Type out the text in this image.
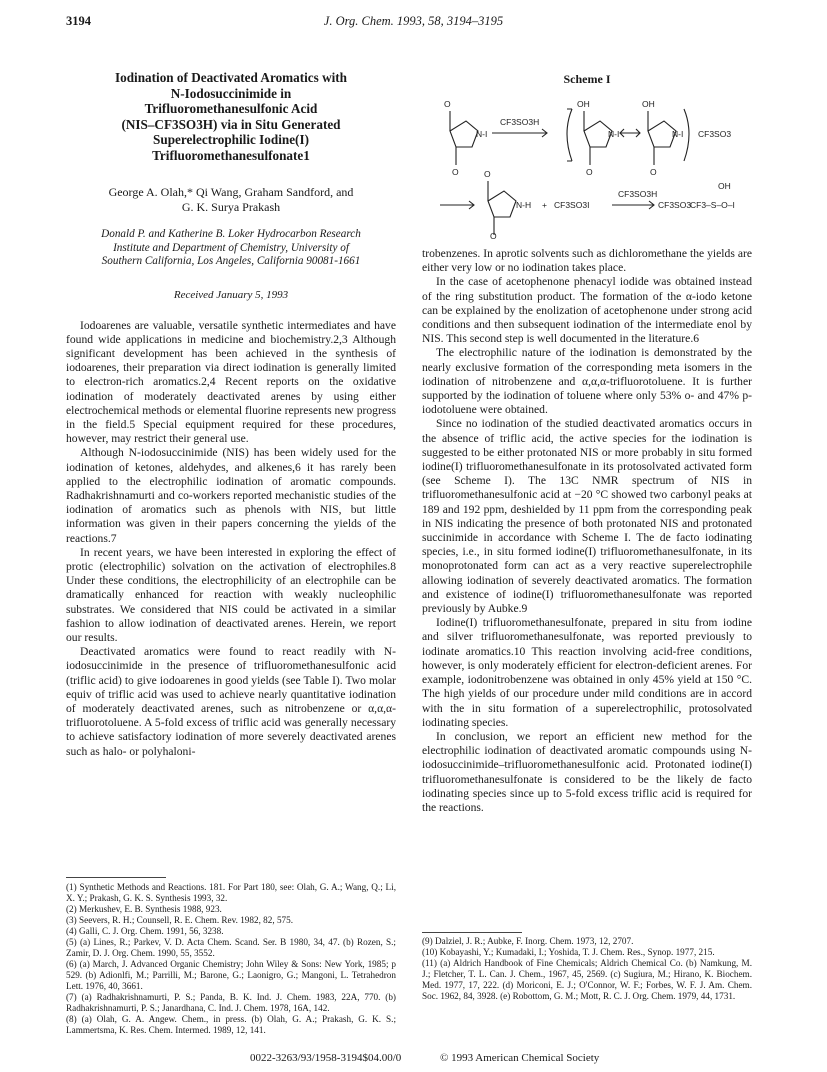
3194	J. Org. Chem. 1993, 58, 3194–3195
Iodination of Deactivated Aromatics with
N-Iodosuccinimide in
Trifluoromethanesulfonic Acid
(NIS–CF3SO3H) via in Situ Generated
Superelectrophilic Iodine(I)
Trifluoromethanesulfonate1
George A. Olah,* Qi Wang, Graham Sandford, and
G. K. Surya Prakash
Donald P. and Katherine B. Loker Hydrocarbon Research
Institute and Department of Chemistry, University of
Southern California, Los Angeles, California 90081-1661
Received January 5, 1993

Iodoarenes are valuable, versatile synthetic intermediates and have found wide applications in medicine and biochemistry.2,3 Although significant development has been achieved in the synthesis of iodoarenes, their preparation via direct iodination is generally limited to electron-rich aromatics.2,4 Recent reports on the oxidative iodination of moderately deactivated arenes by using either electrochemical methods or elemental fluorine represents new progress in the field.5 Special equipment required for these procedures, however, may restrict their general use.

Although N-iodosuccinimide (NIS) has been widely used for the iodination of ketones, aldehydes, and alkenes,6 it has rarely been applied to the electrophilic iodination of aromatic compounds. Radhakrishnamurti and co-workers reported mechanistic studies of the iodination of aromatics such as phenols with NIS, but little information was given in their papers concerning the yields of the reactions.7

In recent years, we have been interested in exploring the effect of protic (electrophilic) solvation on the activation of electrophiles.8 Under these conditions, the electrophilicity of an electrophile can be dramatically enhanced for reaction with weakly nucleophilic substrates. We considered that NIS could be activated in a similar fashion to allow iodination of deactivated arenes. Herein, we report our results.

Deactivated aromatics were found to react readily with N-iodosuccinimide in the presence of trifluoromethanesulfonic acid (triflic acid) to give iodoarenes in good yields (see Table I). Two molar equiv of triflic acid was used to achieve nearly quantitative iodination of moderately deactivated arenes, such as nitrobenzene or α,α,α-trifluorotoluene. A 5-fold excess of triflic acid was generally necessary to achieve satisfactory iodination of more severely deactivated arenes such as halo- or polyhaloni-

(1) Synthetic Methods and Reactions. 181. For Part 180, see: Olah, G. A.; Wang, Q.; Li, X. Y.; Prakash, G. K. S. Synthesis 1993, 32.
(2) Merkushev, E. B. Synthesis 1988, 923.
(3) Seevers, R. H.; Counsell, R. E. Chem. Rev. 1982, 82, 575.
(4) Galli, C. J. Org. Chem. 1991, 56, 3238.
(5) (a) Lines, R.; Parkev, V. D. Acta Chem. Scand. Ser. B 1980, 34, 47. (b) Rozen, S.; Zamir, D. J. Org. Chem. 1990, 55, 3552.
(6) (a) March, J. Advanced Organic Chemistry; John Wiley & Sons: New York, 1985; p 529. (b) Adionlfi, M.; Parrilli, M.; Barone, G.; Laonigro, G.; Mangoni, L. Tetrahedron Lett. 1976, 40, 3661.
(7) (a) Radhakrishnamurti, P. S.; Panda, B. K. Ind. J. Chem. 1983, 22A, 770. (b) Radhakrishnamurti, P. S.; Janardhana, C. Ind. J. Chem. 1978, 16A, 142.
(8) (a) Olah, G. A. Angew. Chem., in press. (b) Olah, G. A.; Prakash, G. K. S.; Lammertsma, K. Res. Chem. Intermed. 1989, 12, 141.
Scheme I
O
O
N-I
CF3SO3H
OH
O
N-I
OH
O
N-I CF3SO3
O
O
N-H + CF3SO3I
CF3SO3H
CF3SO3
CF3–S–O–I
OH

trobenzenes. In aprotic solvents such as dichloromethane the yields are either very low or no iodination takes place.

In the case of acetophenone phenacyl iodide was obtained instead of the ring substitution product. The formation of the α-iodo ketone can be explained by the enolization of acetophenone under strong acid conditions and then subsequent iodination of the intermediate enol by NIS. This second step is well documented in the literature.6

The electrophilic nature of the iodination is demonstrated by the nearly exclusive formation of the corresponding meta isomers in the iodination of nitrobenzene and α,α,α-trifluorotoluene. It is further supported by the iodination of toluene where only 53% o- and 47% p-iodotoluene were obtained.

Since no iodination of the studied deactivated aromatics occurs in the absence of triflic acid, the active species for the iodination is suggested to be either protonated NIS or more probably in situ formed iodine(I) trifluoromethanesulfonate in its protosolvated activated form (see Scheme I). The 13C NMR spectrum of NIS in trifluoromethanesulfonic acid at −20 °C showed two carbonyl peaks at 189 and 192 ppm, deshielded by 11 ppm from the corresponding peak in NIS indicating the presence of both protonated NIS and protonated succinimide in accordance with Scheme I. The de facto iodinating species, i.e., in situ formed iodine(I) trifluoromethanesulfonate, in its monoprotonated form can act as a very reactive superelectrophile allowing iodination of severely deactivated aromatics. The formation and existence of iodine(I) trifluoromethanesulfonate was reported previously by Aubke.9

Iodine(I) trifluoromethanesulfonate, prepared in situ from iodine and silver trifluoromethanesulfonate, was reported previously to iodinate aromatics.10 This reaction involving acid-free conditions, however, is only moderately efficient for electron-deficient arenes. For example, iodonitrobenzene was obtained in only 45% yield at 150 °C. The high yields of our procedure under mild conditions are in accord with the in situ formation of a superelectrophilic, protosolvated iodinating species.

In conclusion, we report an efficient new method for the electrophilic iodination of deactivated aromatic compounds using N-iodosuccinimide–trifluoromethanesulfonic acid. Protonated iodine(I) trifluoromethanesulfonate is considered to be the likely de facto iodinating species since up to 5-fold excess triflic acid is required for the reactions.

(9) Dalziel, J. R.; Aubke, F. Inorg. Chem. 1973, 12, 2707.
(10) Kobayashi, Y.; Kumadaki, I.; Yoshida, T. J. Chem. Res., Synop. 1977, 215.
(11) (a) Aldrich Handbook of Fine Chemicals; Aldrich Chemical Co. (b) Namkung, M. J.; Fletcher, T. L. Can. J. Chem., 1967, 45, 2569. (c) Sugiura, M.; Hirano, K. Biochem. Med. 1977, 17, 222. (d) Moriconi, E. J.; O'Connor, W. F.; Forbes, W. F. J. Am. Chem. Soc. 1962, 84, 3928. (e) Robottom, G. M.; Mott, R. C. J. Org. Chem. 1979, 44, 1731.
0022-3263/93/1958-3194$04.00/0	© 1993 American Chemical Society
